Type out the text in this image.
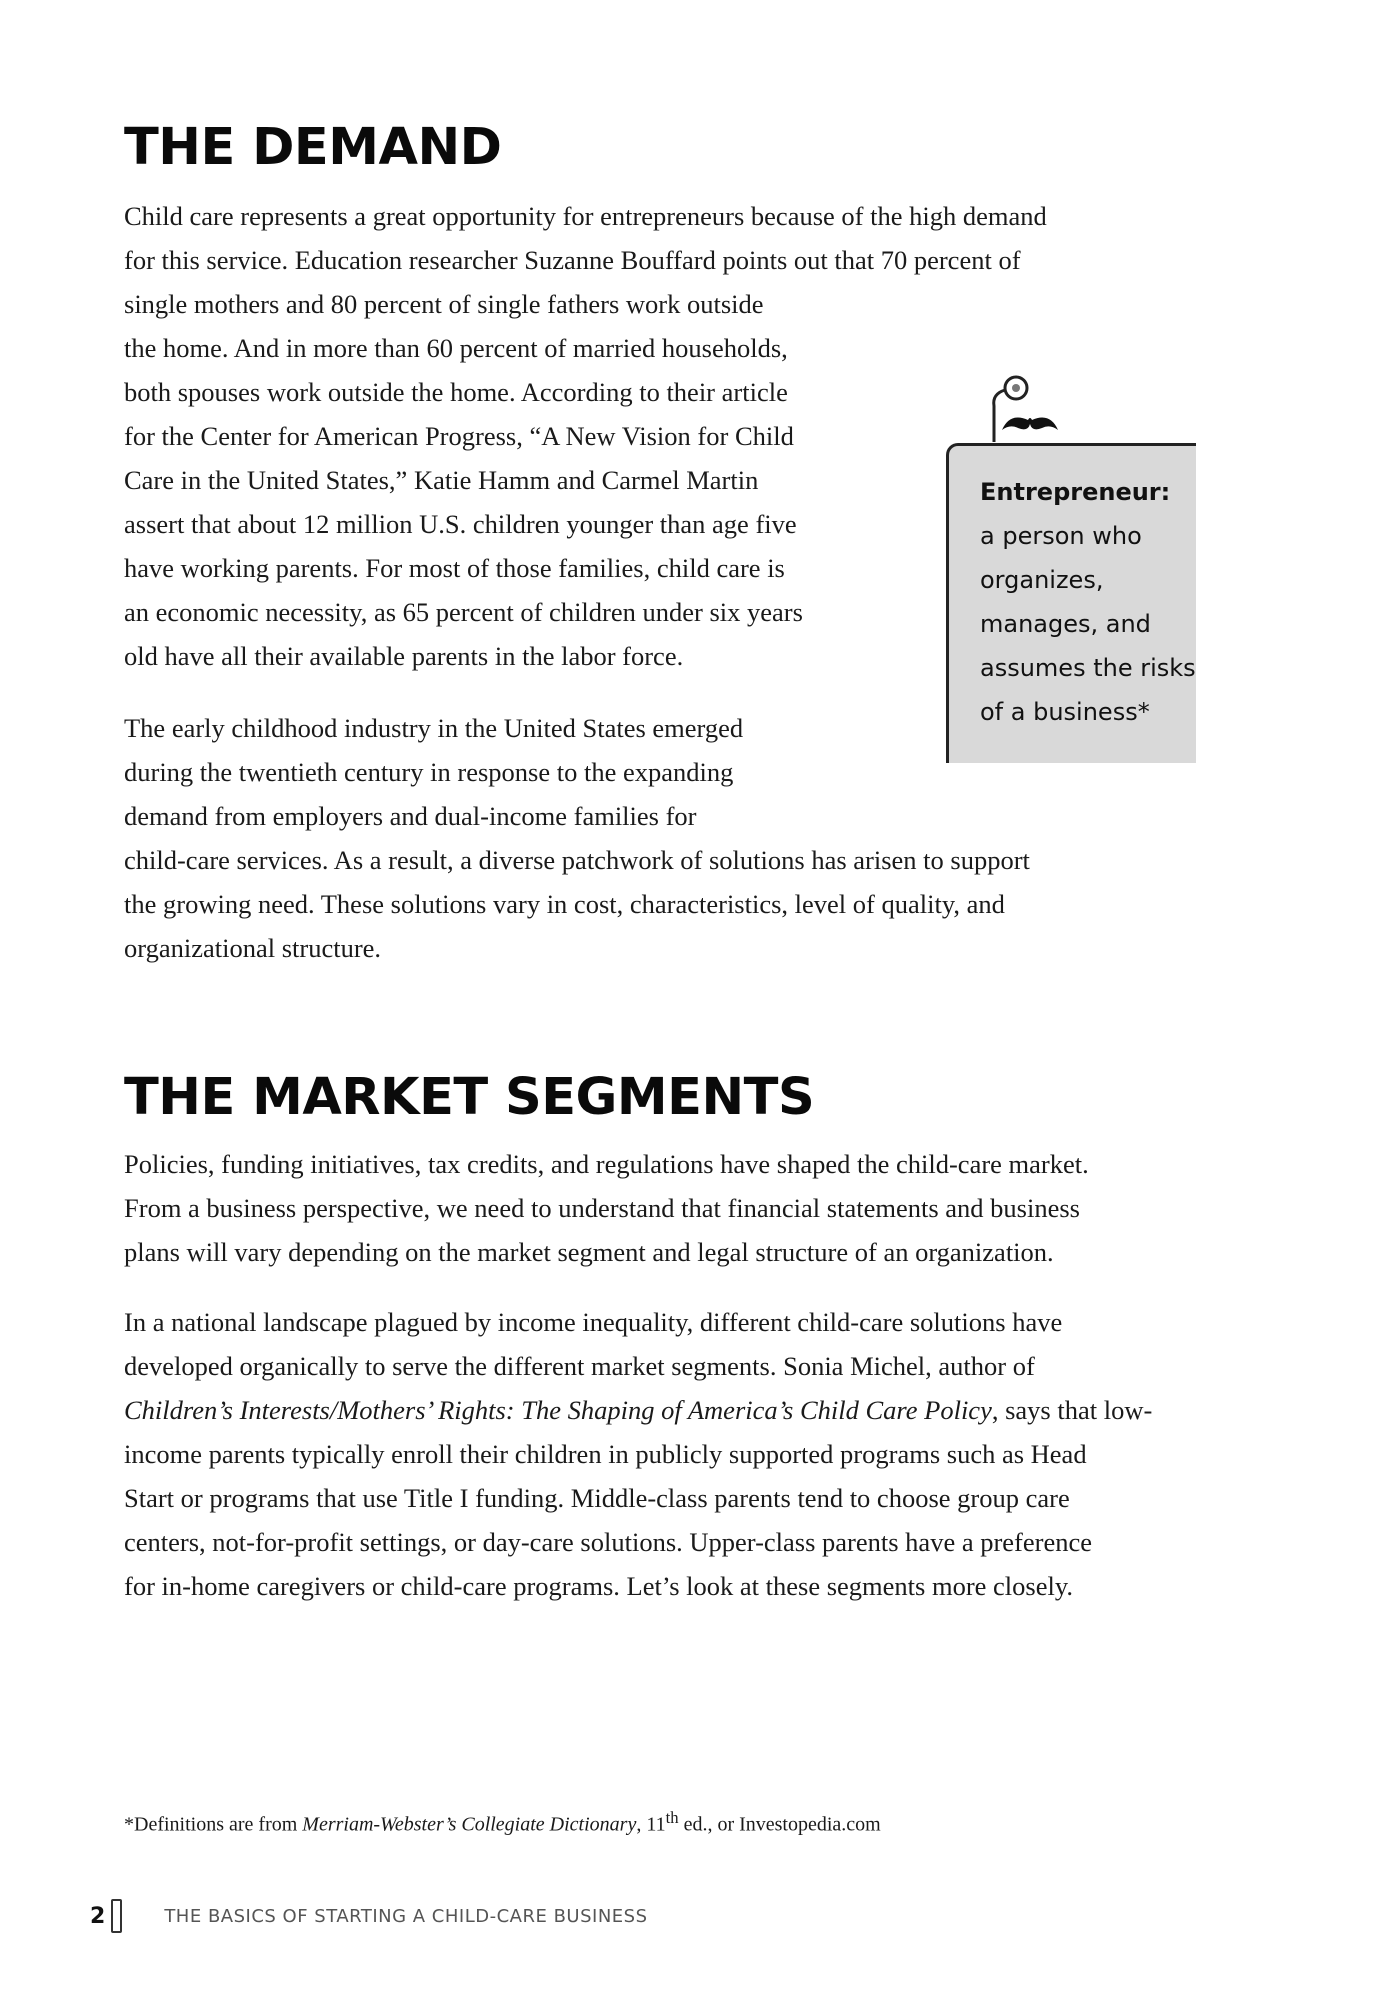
THE DEMAND
Child care represents a great opportunity for entrepreneurs because of the high demand
for this service. Education researcher Suzanne Bouffard points out that 70 percent of
single mothers and 80 percent of single fathers work outside
the home. And in more than 60 percent of married households,
both spouses work outside the home. According to their article
for the Center for American Progress, “A New Vision for Child
Care in the United States,” Katie Hamm and Carmel Martin
assert that about 12 million U.S. children younger than age five
have working parents. For most of those families, child care is
an economic necessity, as 65 percent of children under six years
old have all their available parents in the labor force.
The early childhood industry in the United States emerged
during the twentieth century in response to the expanding
demand from employers and dual-income families for
child-care services. As a result, a diverse patchwork of solutions has arisen to support
the growing need. These solutions vary in cost, characteristics, level of quality, and
organizational structure.
Entrepreneur:
a person who
organizes,
manages, and
assumes the risks
of a business*
THE MARKET SEGMENTS
Policies, funding initiatives, tax credits, and regulations have shaped the child-care market.
From a business perspective, we need to understand that financial statements and business
plans will vary depending on the market segment and legal structure of an organization.
In a national landscape plagued by income inequality, different child-care solutions have
developed organically to serve the different market segments. Sonia Michel, author of
Children’s Interests/Mothers’ Rights: The Shaping of America’s Child Care Policy, says that low-
income parents typically enroll their children in publicly supported programs such as Head
Start or programs that use Title I funding. Middle-class parents tend to choose group care
centers, not-for-profit settings, or day-care solutions. Upper-class parents have a preference
for in-home caregivers or child-care programs. Let’s look at these segments more closely.

*Definitions are from Merriam-Webster’s Collegiate Dictionary, 11th ed., or Investopedia.com

2	THE BASICS OF STARTING A CHILD-CARE BUSINESS
